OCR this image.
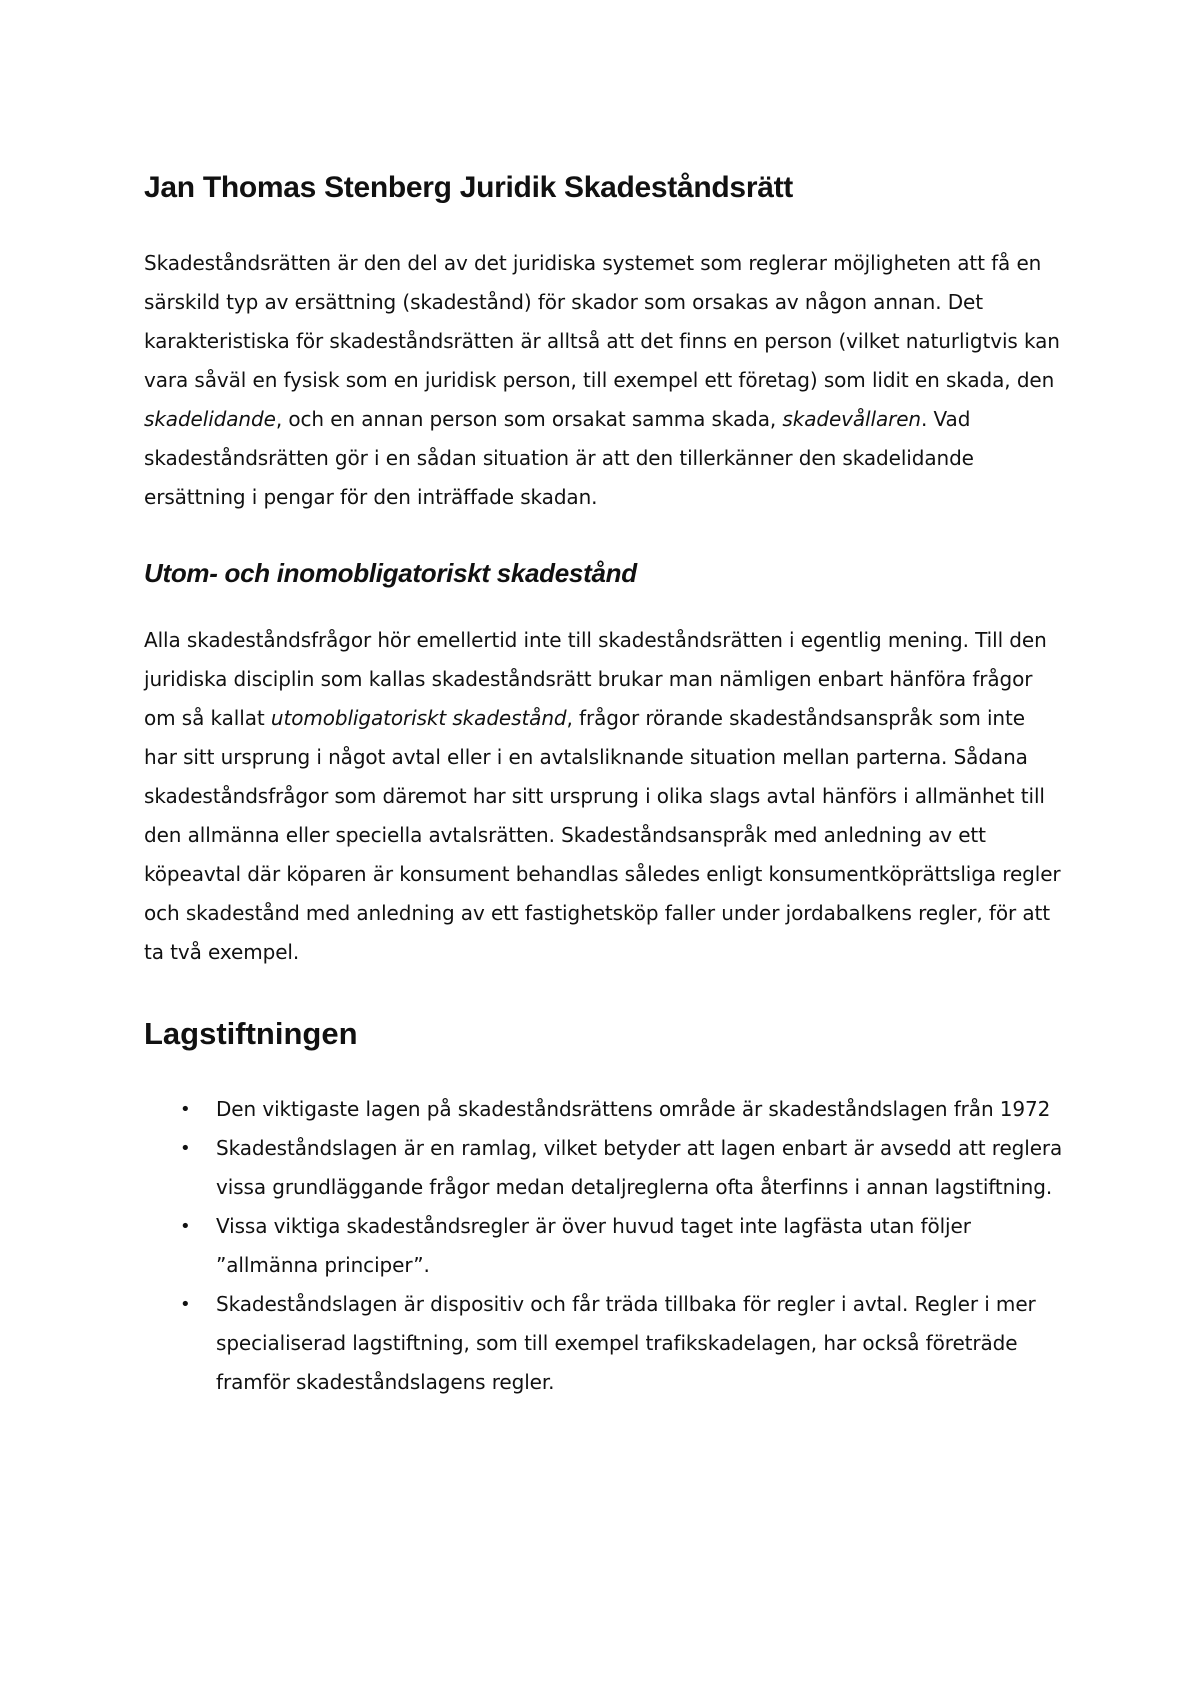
Jan Thomas Stenberg Juridik Skadeståndsrätt

Skadeståndsrätten är den del av det juridiska systemet som reglerar möjligheten att få en särskild typ av ersättning (skadestånd) för skador som orsakas av någon annan. Det karakteristiska för skadeståndsrätten är alltså att det finns en person (vilket naturligtvis kan vara såväl en fysisk som en juridisk person, till exempel ett företag) som lidit en skada, den skadelidande, och en annan person som orsakat samma skada, skadevållaren. Vad skadeståndsrätten gör i en sådan situation är att den tillerkänner den skadelidande ersättning i pengar för den inträffade skadan.

Utom- och inomobligatoriskt skadestånd

Alla skadeståndsfrågor hör emellertid inte till skadeståndsrätten i egentlig mening. Till den juridiska disciplin som kallas skadeståndsrätt brukar man nämligen enbart hänföra frågor om så kallat utomobligatoriskt skadestånd, frågor rörande skadeståndsanspråk som inte har sitt ursprung i något avtal eller i en avtalsliknande situation mellan parterna. Sådana skadeståndsfrågor som däremot har sitt ursprung i olika slags avtal hänförs i allmänhet till den allmänna eller speciella avtalsrätten. Skadeståndsanspråk med anledning av ett köpeavtal där köparen är konsument behandlas således enligt konsumentköprättsliga regler och skadestånd med anledning av ett fastighetsköp faller under jordabalkens regler, för att ta två exempel.

Lagstiftningen
• Den viktigaste lagen på skadeståndsrättens område är skadeståndslagen från 1972
• Skadeståndslagen är en ramlag, vilket betyder att lagen enbart är avsedd att reglera vissa grundläggande frågor medan detaljreglerna ofta återfinns i annan lagstiftning.
• Vissa viktiga skadeståndsregler är över huvud taget inte lagfästa utan följer ”allmänna principer”.
• Skadeståndslagen är dispositiv och får träda tillbaka för regler i avtal. Regler i mer specialiserad lagstiftning, som till exempel trafikskadelagen, har också företräde framför skadeståndslagens regler.
